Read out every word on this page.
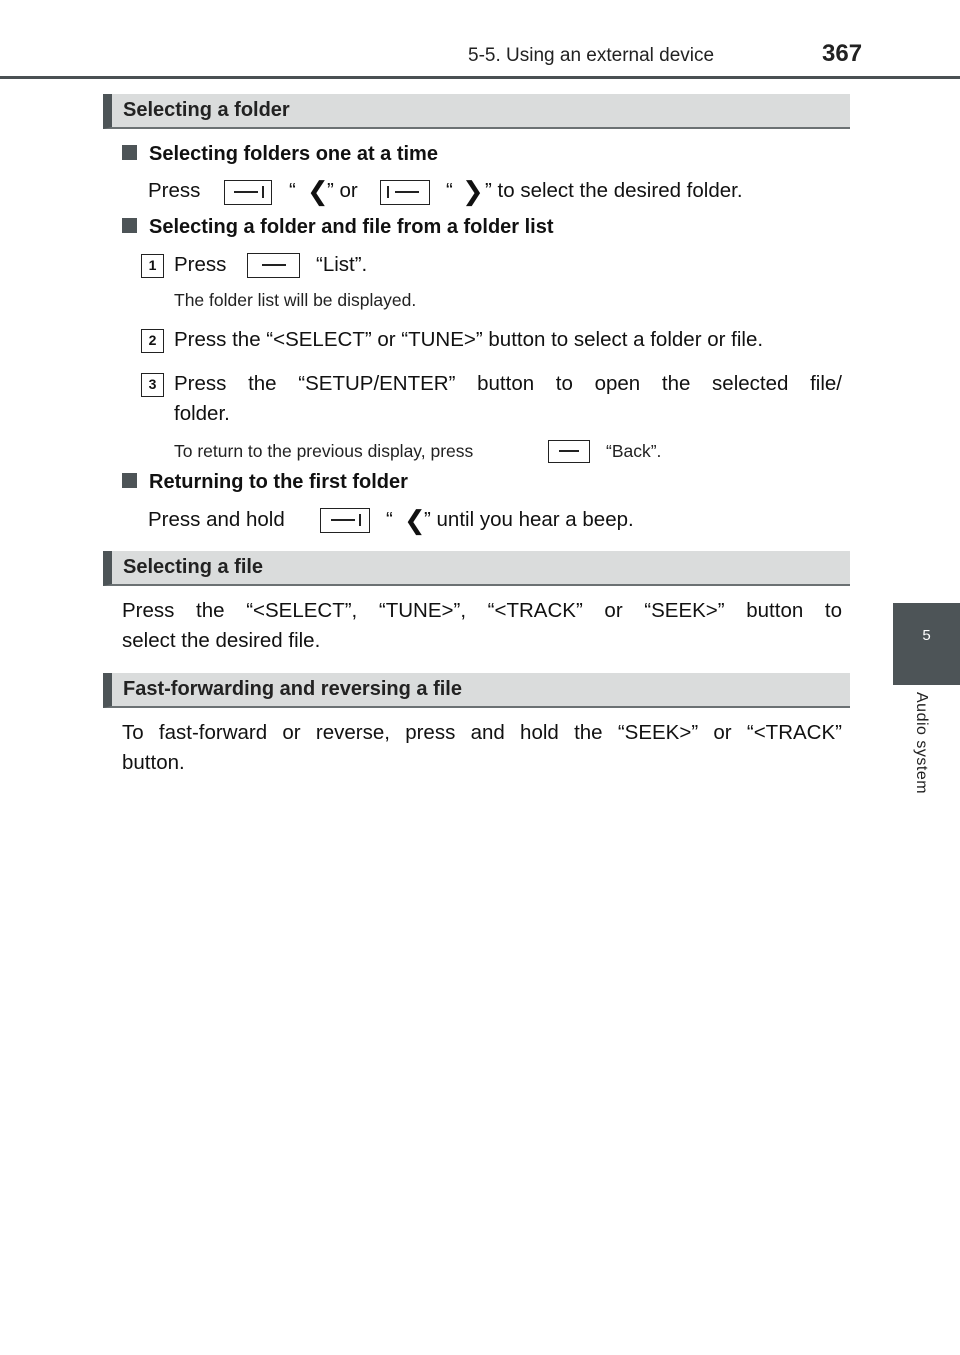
5-5. Using an external device	367
5
Audio system
Selecting a folder
Selecting folders one at a time
Press	“ ❮
” or	“ ❯ ” to select the desired folder.
Selecting a folder and file from a folder list
1 Press	“List”.
The folder list will be displayed.
2 Press the “<SELECT” or “TUNE>” button to select a folder or file.
3 Press the “SETUP/ENTER” button to open the selected file/
folder.
To return to the previous display, press	“Back”.
Returning to the first folder
Press and hold	“ ❮
” until you hear a beep.
Selecting a file
Press the “<SELECT”, “TUNE>”, “<TRACK” or “SEEK>” button to
select the desired file.
Fast-forwarding and reversing a file
To fast-forward or reverse, press and hold the “SEEK>” or “<TRACK”
button.
